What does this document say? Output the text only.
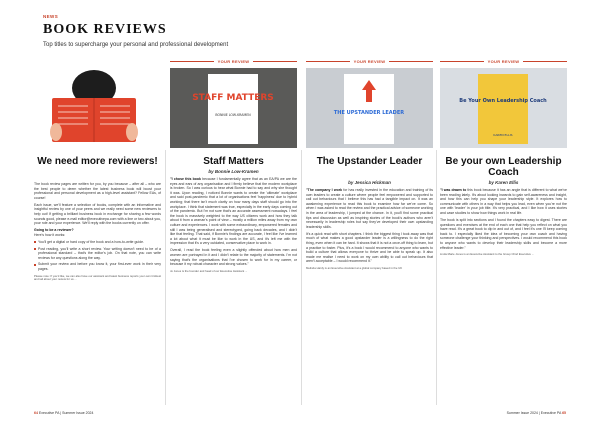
NEWS
BOOK REVIEWS
Top titles to supercharge your personal and professional development
YOUR REVIEW	YOUR REVIEW	YOUR REVIEW
STAFF MATTERS
BONNIE LOW-KRAMEN	THE UPSTANDER LEADER
Be Your Own Leadership Coach
KAREN ELLIS
We need more reviewers!	Staff Matters
by Bonnie Low-Kramen
The Upstander Leader
by Jessica Hickman
Be your own Leadership Coach
by Karen Ellis

The book review pages are written for you, by you because – after all – who are the best people to deem whether the latest business book will boost your professional and personal development as a high-level assistant? Fellow EAs, of course!

Each issue, we'll feature a selection of books, complete with an informative and insightful review by one of your peers and we really need some new reviewers to help out! If getting a brilliant business book in exchange for sharing a few words sounds good, please e-mail editor@executivepa.com with a line or two about you, your role and your experience. We'll reply with the books currently on offer.

Going to be a reviewer?
Here's how it works:

You'll get a digital or hard copy of the book and a how-to-write guide.
Post reading, you'll write a short review. Your writing doesn't need to be of a professional standard – that's the editor's job. On that note, you can write reviews for any questions along the way.
Submit your review and before you know it, your first-ever work in their very pages.
Please note: If you'd like, we can also have our assistant and latest business reports your own trickiest and tail about your review for us ...

"I chose this book because I fundamentally agree that as an EA/PA we are the eyes and ears of any organisation and I firmly believe that the modern workplace is broken. So I was curious to hear what Bonnie had to say and why she thought it was. Upon reading, I noticed Bonnie wants to create the 'ultimate' workplace and said post-pandemic that a lot of organisations feel 'happiness' due to hybrid working; that there isn't much clarity on how many days staff should go into the workplace. I think that statement was true, especially in the early days coming out of the pandemic. But I'm not sure that's an accurate assessment nowadays. I feel the book is massively weighted to the way US citizens work and how they talk about it from a woman's point of view – mostly a million miles away from my own culture and experiences. I work with some extraordinary, empowered females and still I was being generalised and stereotyped, going back decades, and I didn't like that feeling. That said, if Bonnie's findings are accurate, I feel like I've learned a lot about what it must be like to work in the US, and it's left me with the impression that it's a very outdated, conservative place to work in.

Overall, I read the book feeling even a slightly offended about how men and women are portrayed in it and I didn't relate to the majority of statements. I'm not saying that's the organisations that I've chosen to work for in my career, or because it my robust character and strong values."

Jo Jones is the founder and head of our Executive Assistant ...

"The company I work for has really invested in the education and training of its own leaders to create a culture where people feel empowered and supported to call out behaviours that I believe this has had a tangible impact on. It was an awakening experience to read this book to examine how far we've come. So when I was asked to read the review and the practical advice of someone working in the area of leadership, I jumped at the chance. In it, you'll find some practical tips and discussion as well as inspiring stories of the book's authors who aren't necessarily in leadership roles but say they've developed their own upstanding leadership skills.

It's a quick read with short chapters. I think the biggest thing I took away was that much of what makes a good upstander leader is a willingness to do the right thing, even when it can be hard. It shows that it is not a once-off thing to learn, but a practice to foster. Plus, it's a book I would recommend to anyone who wants to build a culture that allows everyone to thrive and be able to speak up. It also made me realise I need to work on my own ability to call out behaviours that aren't acceptable – I would recommend it."

Melinda Hardy is an Executive Assistant at a global company based in the UK

"I was drawn to this book because it has an angle that is different to what we've been reading lately. It's about looking inwards to gain self-awareness and insight, and how this can help you shape your leadership style. It explores how to communicate with others in a way that helps you lead, even when you're not the one with 'leader' in your job title. It's very practical, and I like how it uses stories and case studies to show how things work in real life.

The book is split into sections and I found the chapters easy to digest. There are questions and exercises at the end of each one that help you reflect on what you have read. It's a great book to dip in and out of, and I feel it's one I'll keep coming back to. I especially liked the idea of becoming your own coach and having someone challenge your thinking and perspectives. I would recommend this book to anyone who wants to develop their leadership skills and become a more effective leader."

Linda Marie Jones is an Executive Assistant to the Group Chief Executive ...
64 Executive PA | Summer Issue 2024	Summer Issue 2024 | Executive PA 65
